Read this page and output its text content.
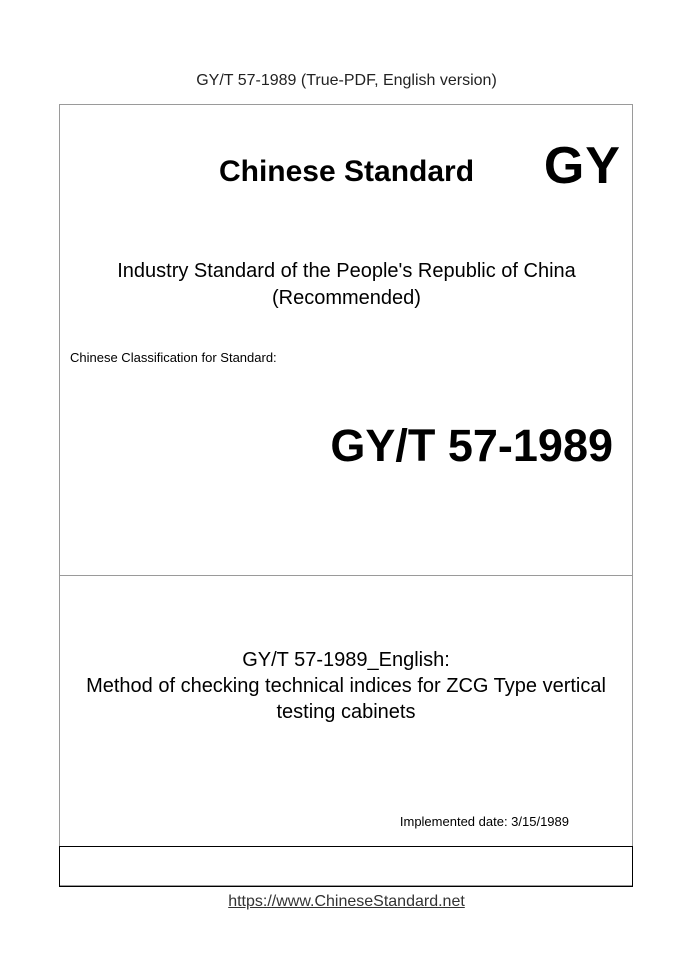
GY/T 57-1989 (True-PDF, English version)
Chinese Standard	GY
Industry Standard of the People's Republic of China
(Recommended)
Chinese Classification for Standard:
GY/T 57-1989
GY/T 57-1989_English:
Method of checking technical indices for ZCG Type vertical
testing cabinets
Implemented date: 3/15/1989
https://www.ChineseStandard.net
